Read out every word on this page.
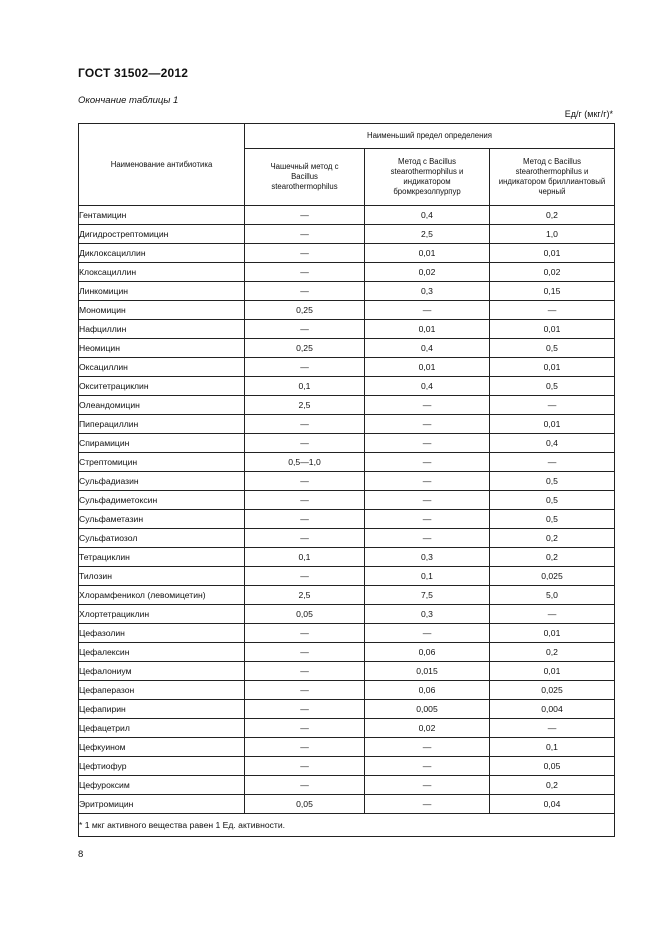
ГОСТ 31502—2012
Окончание таблицы 1
Ед/г (мкг/г)*
Наименование антибиотика	Наименьший предел определения		
	Чашечный метод с Bacillus stearothermophilus	Метод с Bacillus stearothermophilus и индикатором бромкрезолпурпур	Метод с Bacillus stearothermophilus и индикатором бриллиантовый черный
Гентамицин	—	0,4	0,2
Дигидрострептомицин	—	2,5	1,0
Диклоксациллин	—	0,01	0,01
Клоксациллин	—	0,02	0,02
Линкомицин	—	0,3	0,15
Мономицин	0,25	—	—
Нафциллин	—	0,01	0,01
Неомицин	0,25	0,4	0,5
Оксациллин	—	0,01	0,01
Окситетрациклин	0,1	0,4	0,5
Олеандомицин	2,5	—	—
Пиперациллин	—	—	0,01
Спирамицин	—	—	0,4
Стрептомицин	0,5—1,0	—	—
Сульфадиазин	—	—	0,5
Сульфадиметоксин	—	—	0,5
Сульфаметазин	—	—	0,5
Сульфатиозол	—	—	0,2
Тетрациклин	0,1	0,3	0,2
Тилозин	—	0,1	0,025
Хлорамфеникол (левомицетин)	2,5	7,5	5,0
Хлортетрациклин	0,05	0,3	—
Цефазолин	—	—	0,01
Цефалексин	—	0,06	0,2
Цефалониум	—	0,015	0,01
Цефаперазон	—	0,06	0,025
Цефапирин	—	0,005	0,004
Цефацетрил	—	0,02	—
Цефкуином	—	—	0,1
Цефтиофур	—	—	0,05
Цефуроксим	—	—	0,2
Эритромицин	0,05	—	0,04
* 1 мкг активного вещества равен 1 Ед. активности.			
8
